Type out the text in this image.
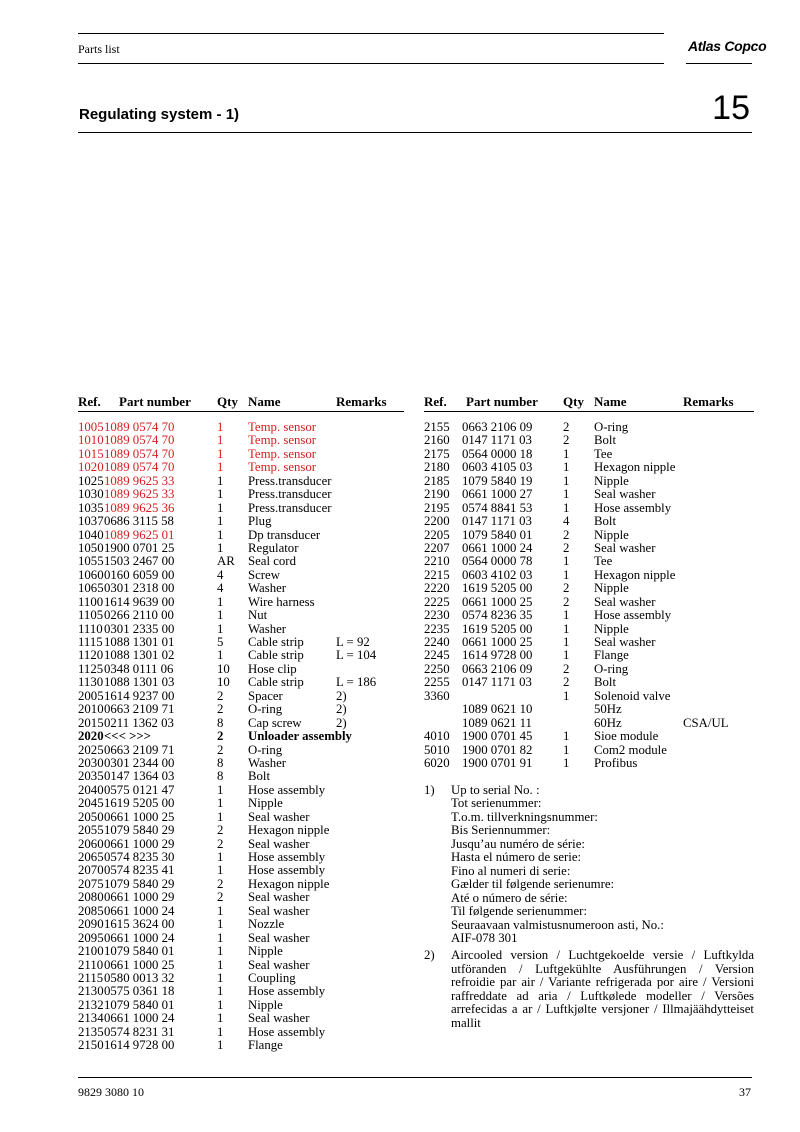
Parts list	Atlas Copco
Regulating system - 1)	15
Ref. Part number Qty Name	Remarks
1005 1089 0574 70	1 Temp. sensor
1010 1089 0574 70	1 Temp. sensor
1015 1089 0574 70	1 Temp. sensor
1020 1089 0574 70	1 Temp. sensor
1025 1089 9625 33	1 Press.transducer
1030 1089 9625 33	1 Press.transducer
1035 1089 9625 36	1 Press.transducer
1037 0686 3115 58	1 Plug
1040 1089 9625 01	1 Dp transducer
1050 1900 0701 25	1 Regulator
1055 1503 2467 00	AR Seal cord
1060 0160 6059 00	4 Screw
1065 0301 2318 00	4 Washer
1100 1614 9639 00	1 Wire harness
1105 0266 2110 00	1 Nut
1110 0301 2335 00	1 Washer
1115 1088 1301 01	5 Cable strip	L = 92
1120 1088 1301 02	1 Cable strip	L = 104
1125 0348 0111 06	10 Hose clip
1130 1088 1301 03	10 Cable strip	L = 186
2005 1614 9237 00	2 Spacer	2)
2010 0663 2109 71	2 O-ring	2)
2015 0211 1362 03	8 Cap screw	2)
2020 <<< >>>	2 Unloader assembly
2025 0663 2109 71	2 O-ring
2030 0301 2344 00	8 Washer
2035 0147 1364 03	8 Bolt
2040 0575 0121 47	1 Hose assembly
2045 1619 5205 00	1 Nipple
2050 0661 1000 25	1 Seal washer
2055 1079 5840 29	2 Hexagon nipple
2060 0661 1000 29	2 Seal washer
2065 0574 8235 30	1 Hose assembly
2070 0574 8235 41	1 Hose assembly
2075 1079 5840 29	2 Hexagon nipple
2080 0661 1000 29	2 Seal washer
2085 0661 1000 24	1 Seal washer
2090 1615 3624 00	1 Nozzle
2095 0661 1000 24	1 Seal washer
2100 1079 5840 01	1 Nipple
2110 0661 1000 25	1 Seal washer
2115 0580 0013 32	1 Coupling
2130 0575 0361 18	1 Hose assembly
2132 1079 5840 01	1 Nipple
2134 0661 1000 24	1 Seal washer
2135 0574 8231 31	1 Hose assembly
2150 1614 9728 00	1 Flange
Ref. Part number Qty Name	Remarks
2155 0663 2106 09 2 O-ring
2160 0147 1171 03 2 Bolt
2175 0564 0000 18 1 Tee
2180 0603 4105 03 1 Hexagon nipple
2185 1079 5840 19 1 Nipple
2190 0661 1000 27 1 Seal washer
2195 0574 8841 53 1 Hose assembly
2200 0147 1171 03 4 Bolt
2205 1079 5840 01 2 Nipple
2207 0661 1000 24 2 Seal washer
2210 0564 0000 78 1 Tee
2215 0603 4102 03 1 Hexagon nipple
2220 1619 5205 00 2 Nipple
2225 0661 1000 25 2 Seal washer
2230 0574 8236 35 1 Hose assembly
2235 1619 5205 00 1 Nipple
2240 0661 1000 25 1 Seal washer
2245 1614 9728 00 1 Flange
2250 0663 2106 09 2 O-ring
2255 0147 1171 03 2 Bolt
3360	1 Solenoid valve
1089 0621 10	50Hz
1089 0621 11	60Hz	CSA/UL
4010 1900 0701 45 1 Sioe module
5010 1900 0701 82 1 Com2 module
6020 1900 0701 91 1 Profibus
1) Up to serial No. :
Tot serienummer:
T.o.m. tillverkningsnummer:
Bis Seriennummer:
Jusqu’au numéro de série:
Hasta el número de serie:
Fino al numeri di serie:
Gælder til følgende serienumre:
Até o número de série:
Til følgende serienummer:
Seuraavaan valmistusnumeroon asti, No.:
AIF-078 301
2) Aircooled version / Luchtgekoelde versie / Luftkylda utföranden / Luftgekühlte Ausführungen / Version refroidie par air / Variante refrigerada por aire / Versioni raffreddate ad aria / Luftkølede modeller / Versões arrefecidas a ar / Luftkjølte versjoner / Illmajäähdytteiset mallit
9829 3080 10	37
